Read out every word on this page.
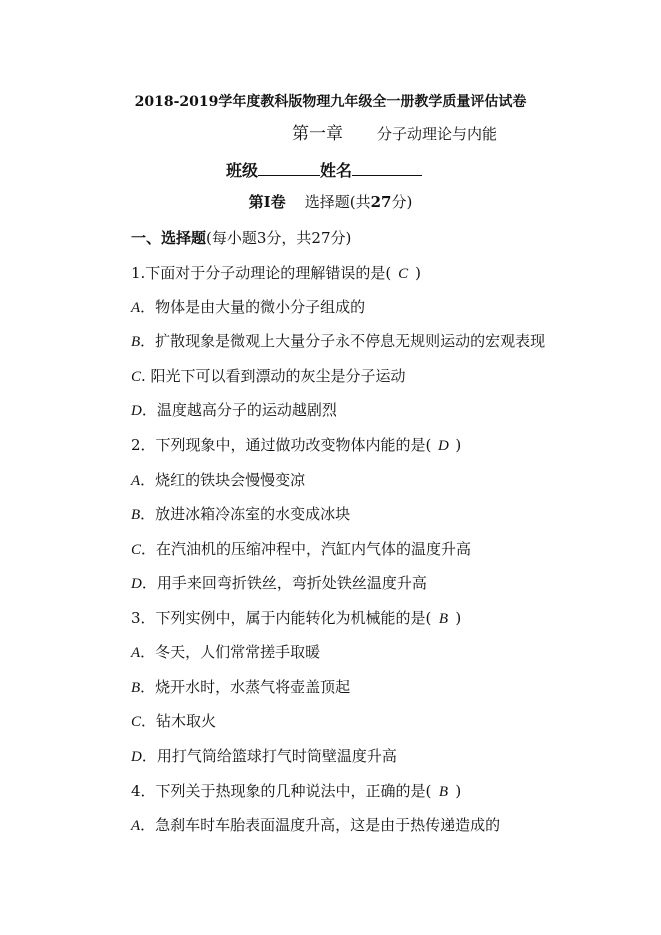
2018-2019学年度教科版物理九年级全一册教学质量评估试卷
第一章 分子动理论与内能
班级	姓名
第Ⅰ卷 选择题(共27分)
一、选择题(每小题3分，共27分)
1.下面对于分子动理论的理解错误的是( C )
A．物体是由大量的微小分子组成的
B．扩散现象是微观上大量分子永不停息无规则运动的宏观表现
C. 阳光下可以看到漂动的灰尘是分子运动
D．温度越高分子的运动越剧烈
2．下列现象中，通过做功改变物体内能的是( D )
A．烧红的铁块会慢慢变凉
B．放进冰箱冷冻室的水变成冰块
C．在汽油机的压缩冲程中，汽缸内气体的温度升高
D．用手来回弯折铁丝，弯折处铁丝温度升高
3．下列实例中，属于内能转化为机械能的是( B )
A．冬天，人们常常搓手取暖
B．烧开水时，水蒸气将壶盖顶起
C．钻木取火
D．用打气筒给篮球打气时筒壁温度升高
4．下列关于热现象的几种说法中，正确的是( B )
A．急刹车时车胎表面温度升高，这是由于热传递造成的
